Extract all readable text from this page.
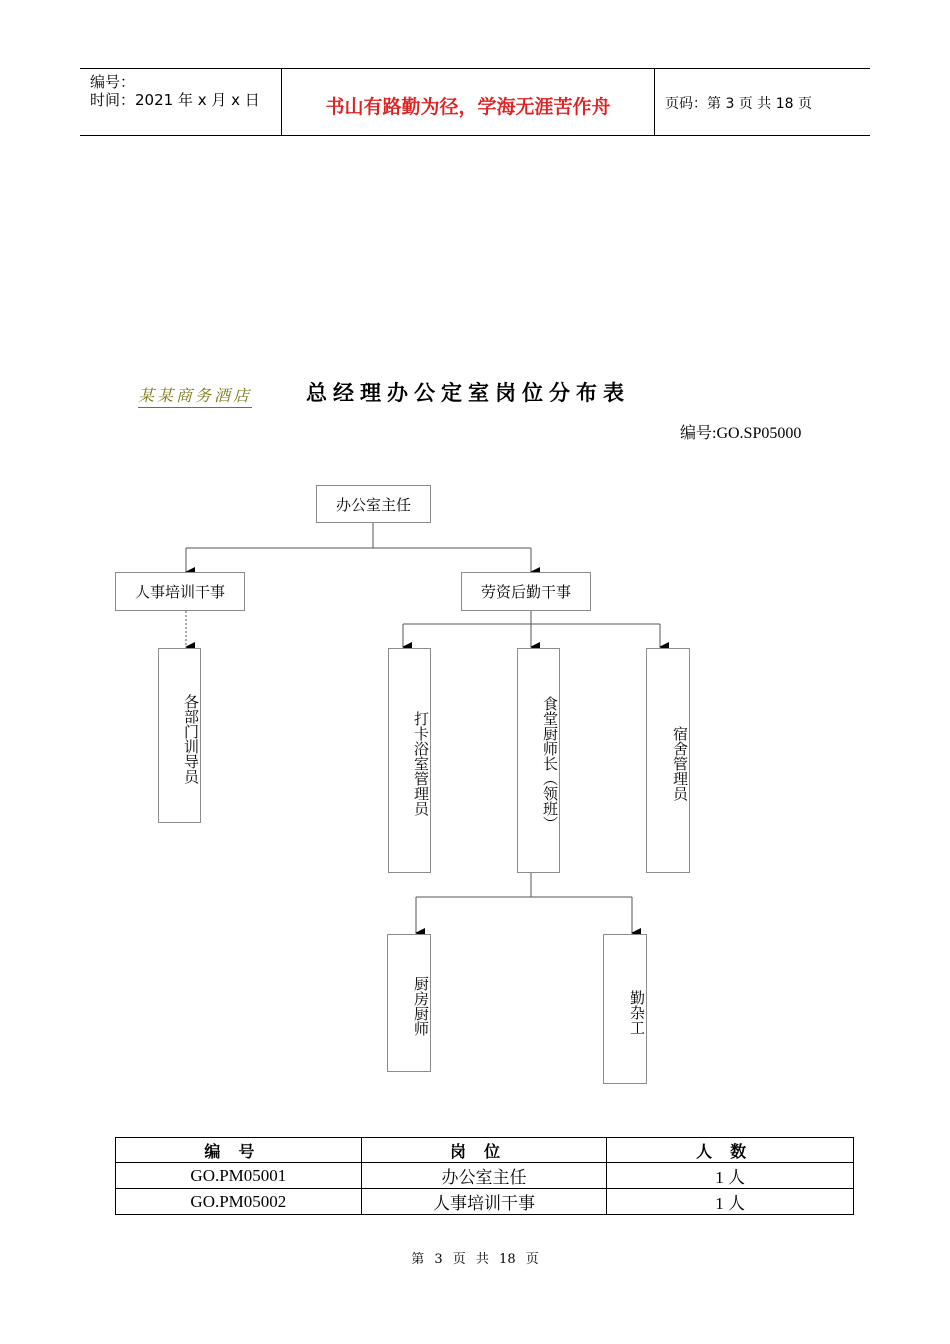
编号：
时间：2021 年 x 月 x 日	书山有路勤为径，学海无涯苦作舟	页码：第 3 页 共 18 页
某某商务酒店	总经理办公定室岗位分布表
编号:GO.SP05000
办公室主任
人事培训干事	劳资后勤干事
各部门训导员	打卡浴室管理员	食堂厨师长（领班）	宿舍管理员
厨房厨师	勤杂工
编号	岗位	人数
GO.PM05001	办公室主任	1 人
GO.PM05002	人事培训干事	1 人
第 3 页 共 18 页
